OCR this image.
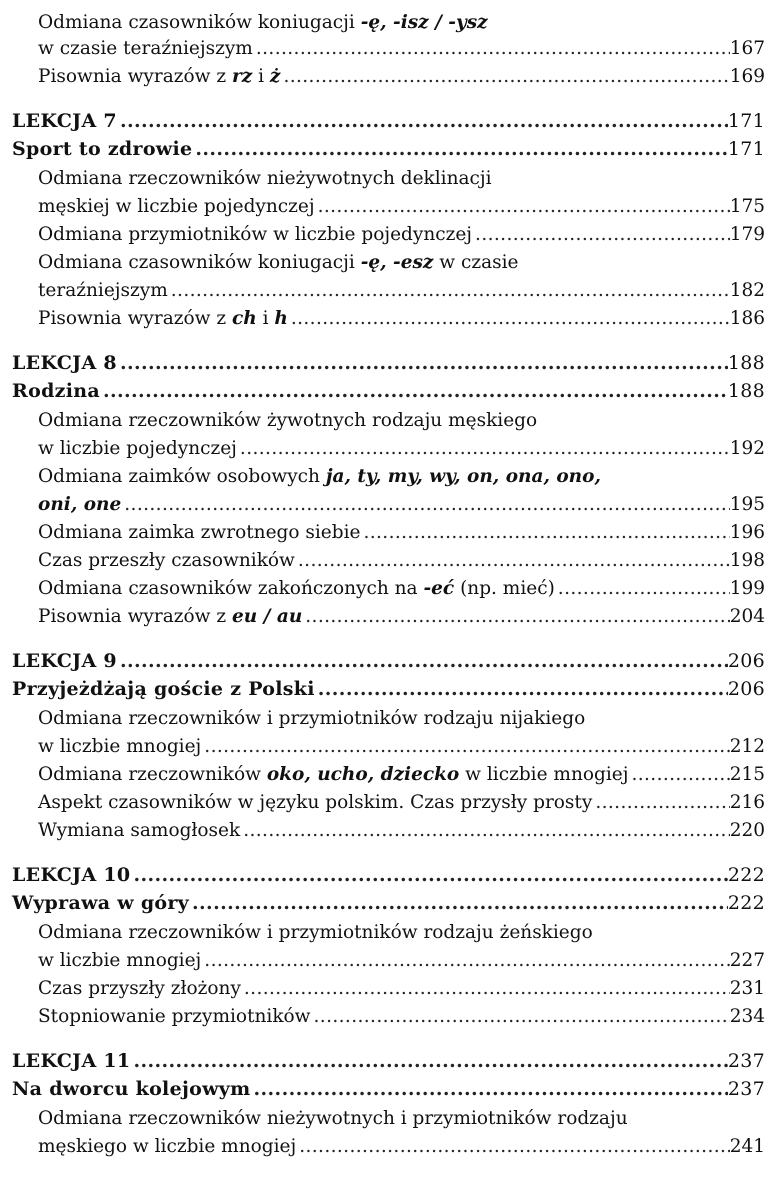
Odmiana czasowników koniugacji -ę, -isz / -ysz
w czasie teraźniejszym .....	167
Pisownia wyrazów z rz i ż .....	169
LEKCJA 7 .....	171
Sport to zdrowie .....	171
Odmiana rzeczowników nieżywotnych deklinacji
męskiej w liczbie pojedynczej .....	175
Odmiana przymiotników w liczbie pojedynczej .....	179
Odmiana czasowników koniugacji -ę, -esz w czasie
teraźniejszym .....	182
Pisownia wyrazów z ch i h .....	186
LEKCJA 8 .....	188
Rodzina .....	188
Odmiana rzeczowników żywotnych rodzaju męskiego
w liczbie pojedynczej .....	192
Odmiana zaimków osobowych ja, ty, my, wy, on, ona, ono,
oni, one .....	195
Odmiana zaimka zwrotnego siebie .....	196
Czas przeszły czasowników .....	198
Odmiana czasowników zakończonych na -eć (np. mieć) .....	199
Pisownia wyrazów z eu / au .....	204
LEKCJA 9 .....	206
Przyjeżdżają goście z Polski .....	206
Odmiana rzeczowników i przymiotników rodzaju nijakiego
w liczbie mnogiej .....	212
Odmiana rzeczowników oko, ucho, dziecko w liczbie mnogiej .....	215
Aspekt czasowników w języku polskim. Czas przysły prosty .....	216
Wymiana samogłosek .....	220
LEKCJA 10 .....	222
Wyprawa w góry .....	222
Odmiana rzeczowników i przymiotników rodzaju żeńskiego
w liczbie mnogiej .....	227
Czas przyszły złożony .....	231
Stopniowanie przymiotników .....	234
LEKCJA 11 .....	237
Na dworcu kolejowym .....	237
Odmiana rzeczowników nieżywotnych i przymiotników rodzaju
męskiego w liczbie mnogiej .....	241
